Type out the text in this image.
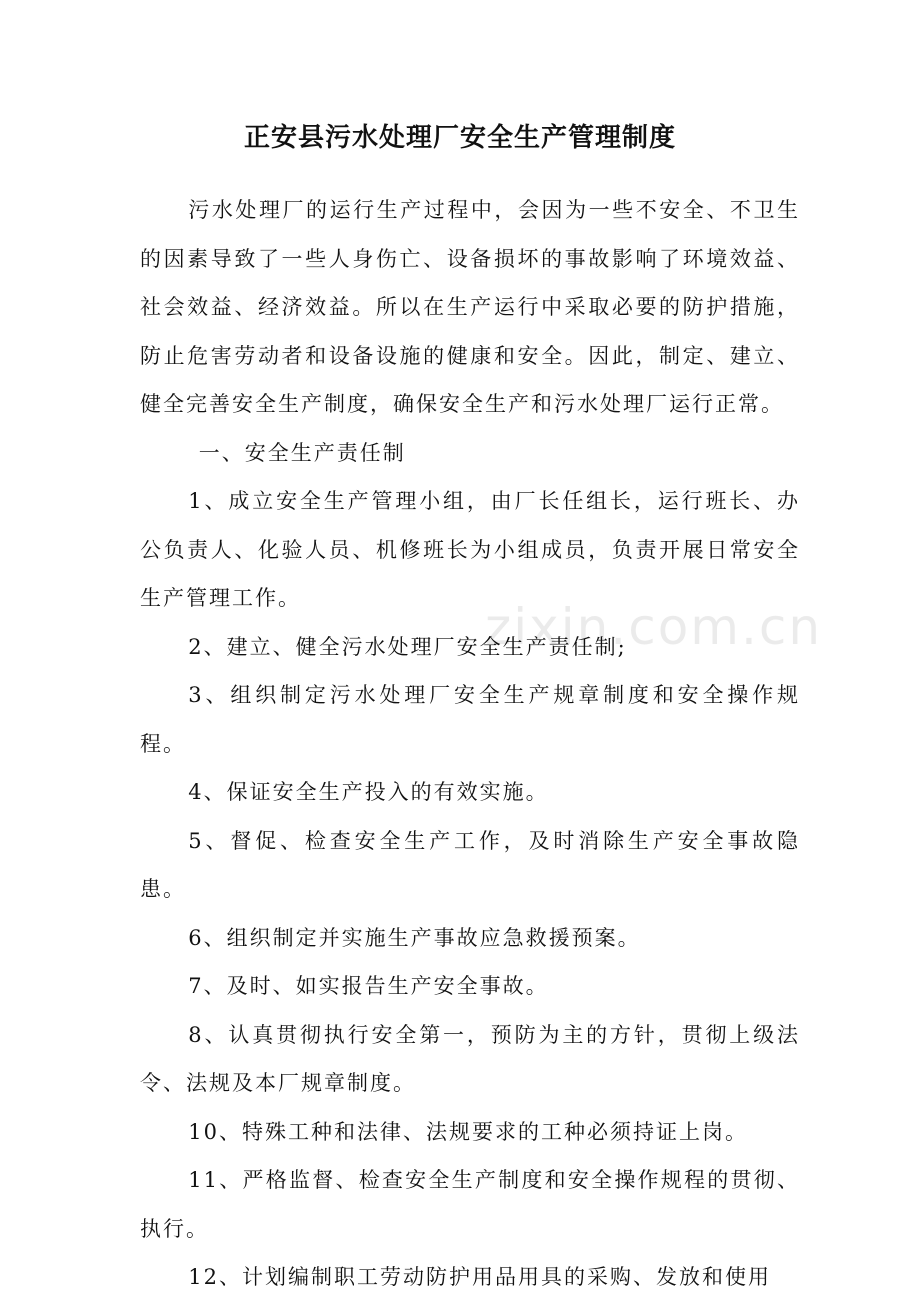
正安县污水处理厂安全生产管理制度

污水处理厂的运行生产过程中，会因为一些不安全、不卫生的因素导致了一些人身伤亡、设备损坏的事故影响了环境效益、社会效益、经济效益。所以在生产运行中采取必要的防护措施，防止危害劳动者和设备设施的健康和安全。因此，制定、建立、健全完善安全生产制度，确保安全生产和污水处理厂运行正常。

一、安全生产责任制

1、成立安全生产管理小组，由厂长任组长，运行班长、办公负责人、化验人员、机修班长为小组成员，负责开展日常安全生产管理工作。

2、建立、健全污水处理厂安全生产责任制;

3、组织制定污水处理厂安全生产规章制度和安全操作规程。

4、保证安全生产投入的有效实施。

5、督促、检查安全生产工作，及时消除生产安全事故隐患。

6、组织制定并实施生产事故应急救援预案。

7、及时、如实报告生产安全事故。

8、认真贯彻执行安全第一，预防为主的方针，贯彻上级法令、法规及本厂规章制度。

10、特殊工种和法律、法规要求的工种必须持证上岗。

11、严格监督、检查安全生产制度和安全操作规程的贯彻、执行。

12、计划编制职工劳动防护用品用具的采购、发放和使用

zixin.com.cn
